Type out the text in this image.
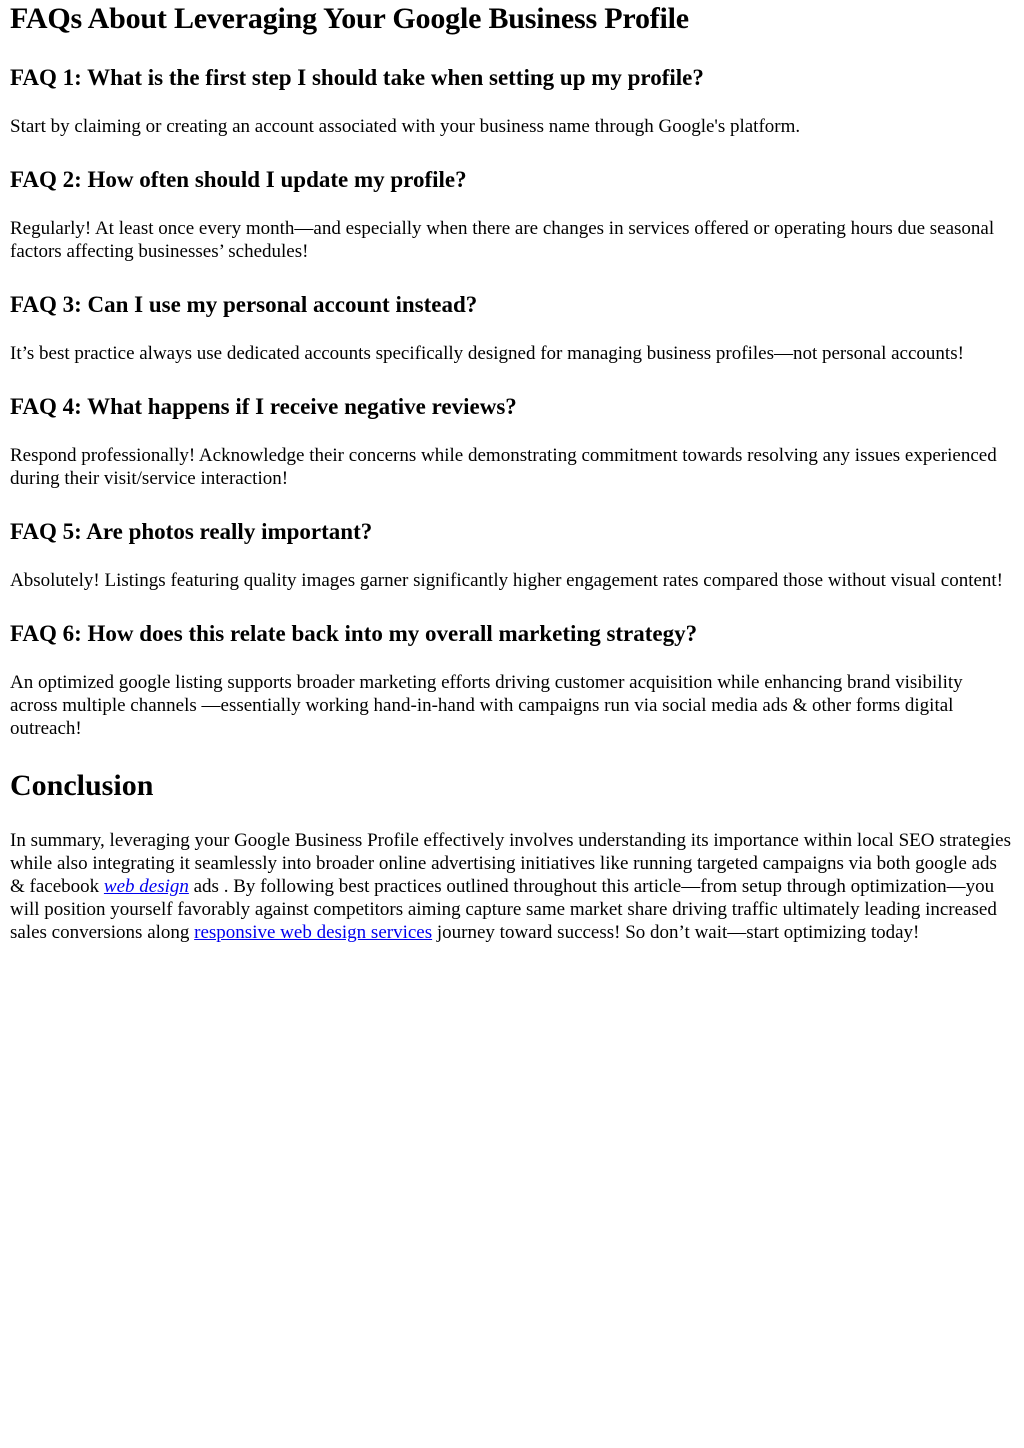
FAQs About Leveraging Your Google Business Profile
FAQ 1: What is the first step I should take when setting up my profile?

Start by claiming or creating an account associated with your business name through Google's platform.

FAQ 2: How often should I update my profile?

Regularly! At least once every month—and especially when there are changes in services offered or operating hours due seasonal factors affecting businesses’ schedules!

FAQ 3: Can I use my personal account instead?

It’s best practice always use dedicated accounts specifically designed for managing business profiles—not personal accounts!

FAQ 4: What happens if I receive negative reviews?

Respond professionally! Acknowledge their concerns while demonstrating commitment towards resolving any issues experienced during their visit/service interaction!

FAQ 5: Are photos really important?

Absolutely! Listings featuring quality images garner significantly higher engagement rates compared those without visual content!

FAQ 6: How does this relate back into my overall marketing strategy?

An optimized google listing supports broader marketing efforts driving customer acquisition while enhancing brand visibility across multiple channels —essentially working hand-in-hand with campaigns run via social media ads & other forms digital outreach!

Conclusion

In summary, leveraging your Google Business Profile effectively involves understanding its importance within local SEO strategies while also integrating it seamlessly into broader online advertising initiatives like running targeted campaigns via both google ads & facebook web design ads . By following best practices outlined throughout this article—from setup through optimization—you will position yourself favorably against competitors aiming capture same market share driving traffic ultimately leading increased sales conversions along responsive web design services journey toward success! So don’t wait—start optimizing today!
